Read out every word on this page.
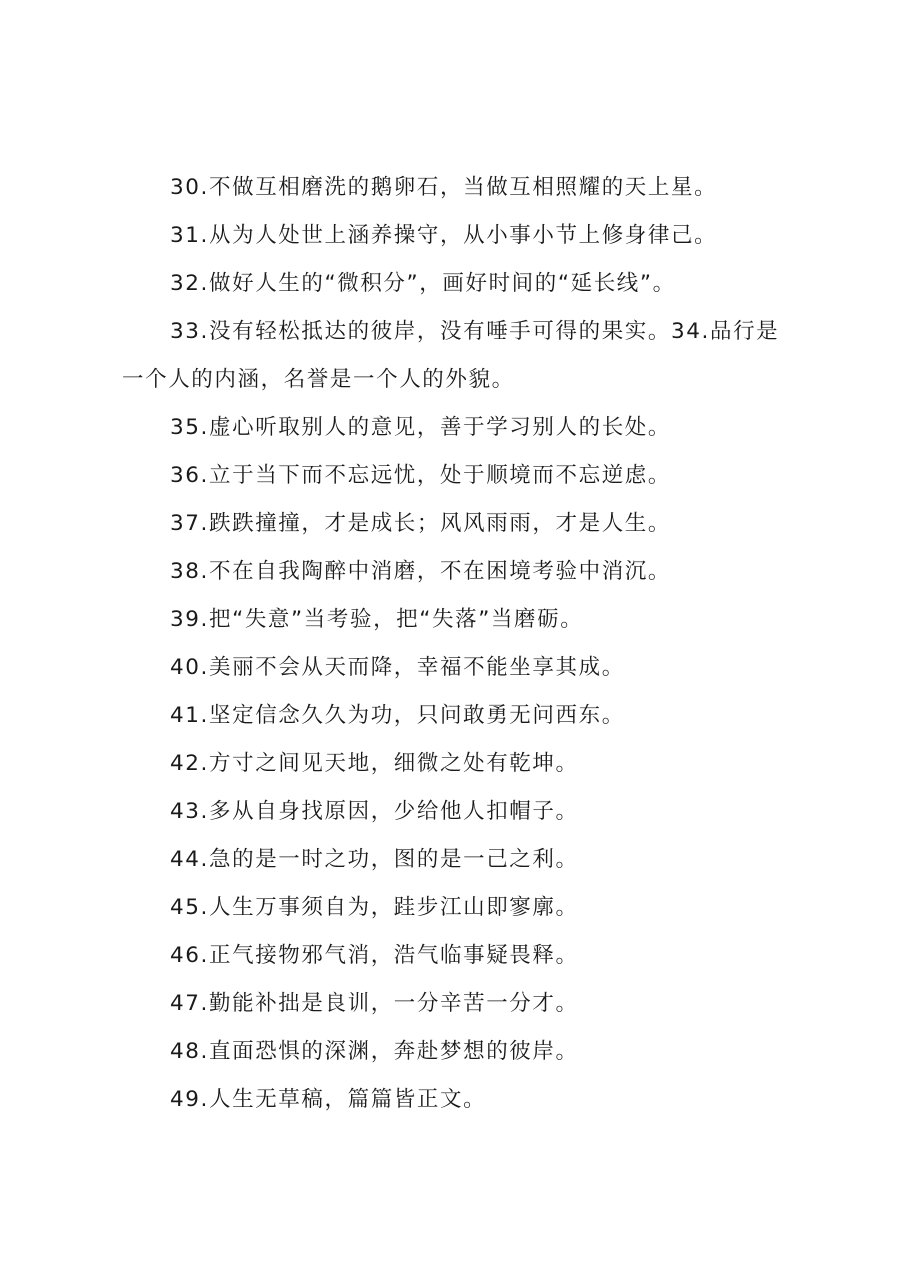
30.不做互相磨洗的鹅卵石，当做互相照耀的天上星。

31.从为人处世上涵养操守，从小事小节上修身律己。

32.做好人生的“微积分”，画好时间的“延长线”。

33.没有轻松抵达的彼岸，没有唾手可得的果实。34.品行是一个人的内涵，名誉是一个人的外貌。

35.虚心听取别人的意见，善于学习别人的长处。

36.立于当下而不忘远忧，处于顺境而不忘逆虑。

37.跌跌撞撞，才是成长；风风雨雨，才是人生。

38.不在自我陶醉中消磨，不在困境考验中消沉。

39.把“失意”当考验，把“失落”当磨砺。

40.美丽不会从天而降，幸福不能坐享其成。

41.坚定信念久久为功，只问敢勇无问西东。

42.方寸之间见天地，细微之处有乾坤。

43.多从自身找原因，少给他人扣帽子。

44.急的是一时之功，图的是一己之利。

45.人生万事须自为，跬步江山即寥廓。

46.正气接物邪气消，浩气临事疑畏释。

47.勤能补拙是良训，一分辛苦一分才。

48.直面恐惧的深渊，奔赴梦想的彼岸。

49.人生无草稿，篇篇皆正文。
